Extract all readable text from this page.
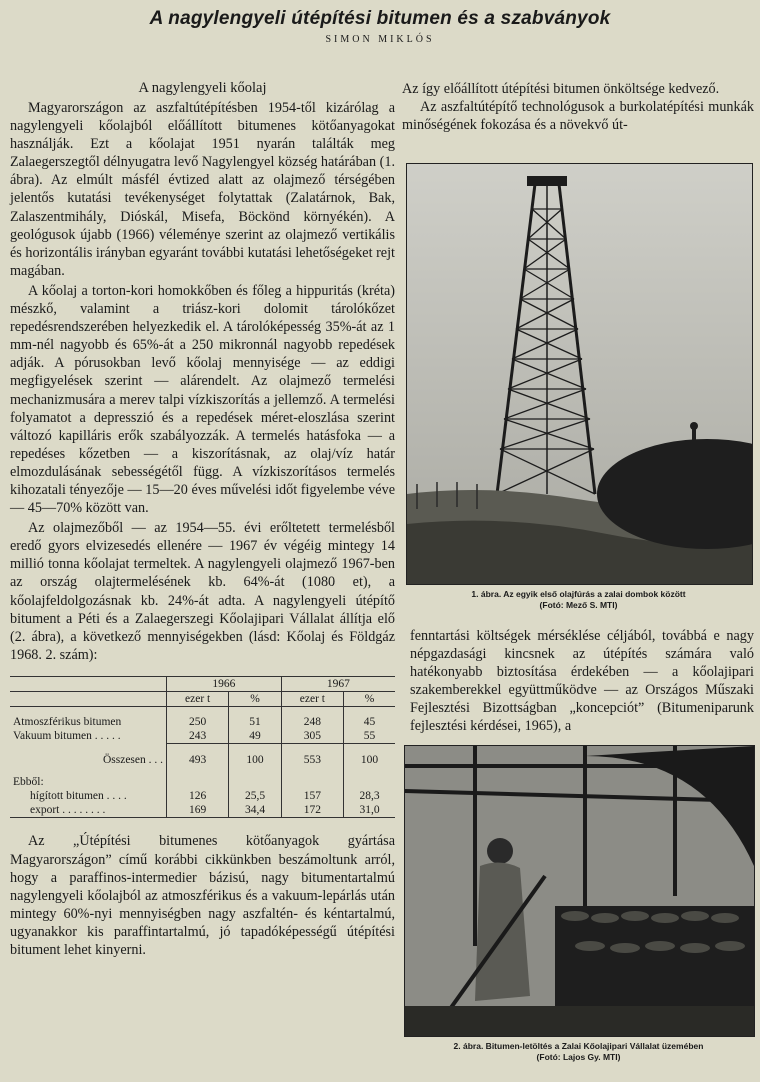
A nagylengyeli útépítési bitumen és a szabványok
SIMON MIKLÓS
A nagylengyeli kőolaj

Magyarországon az aszfaltútépítésben 1954-től kizárólag a nagylengyeli kőolajból előállított bitumenes kötőanyagokat használják. Ezt a kőolajat 1951 nyarán találták meg Zalaegerszegtől délnyugatra levő Nagylengyel község határában (1. ábra). Az elmúlt másfél évtized alatt az olajmező térségében jelentős kutatási tevékenységet folytattak (Zalatárnok, Bak, Zalaszentmihály, Dióskál, Misefa, Böckönd környékén). A geológusok újabb (1966) véleménye szerint az olajmező vertikális és horizontális irányban egyaránt további kutatási lehetőségeket rejt magában.

A kőolaj a torton-kori homokkőben és főleg a hippuritás (kréta) mészkő, valamint a triász-kori dolomit tárolókőzet repedésrendszerében helyezkedik el. A tárolóképesség 35%-át az 1 mm-nél nagyobb és 65%-át a 250 mikronnál nagyobb repedések adják. A pórusokban levő kőolaj mennyisége — az eddigi megfigyelések szerint — alárendelt. Az olajmező termelési mechanizmusára a merev talpi vízkiszorítás a jellemző. A termelési folyamatot a depresszió és a repedések méret-eloszlása szerint változó kapilláris erők szabályozzák. A termelés hatásfoka — a repedéses kőzetben — a kiszorításnak, az olaj/víz határ elmozdulásának sebességétől függ. A vízkiszorításos termelés kihozatali tényezője — 15—20 éves művelési időt figyelembe véve — 45—70% között van.

Az olajmezőből — az 1954—55. évi erőltetett termelésből eredő gyors elvizesedés ellenére — 1967 év végéig mintegy 14 millió tonna kőolajat termeltek. A nagylengyeli olajmező 1967-ben az ország olajtermelésének kb. 64%-át (1080 et), a kőolajfeldolgozásnak kb. 24%-át adta. A nagylengyeli útépítő bitument a Péti és a Zalaegerszegi Kőolajipari Vállalat állítja elő (2. ábra), a következő mennyiségekben (lásd: Kőolaj és Földgáz 1968. 2. szám):

	1966		1967	
	ezer t	%	ezer t	%

Atmoszférikus bitumen	250	51	248	45
Vakuum bitumen . . . . .	243	49	305	55

Összesen . . .	493	100	553	100

Ebből:				
hígított bitumen . . . .	126	25,5	157	28,3
export . . . . . . . .	169	34,4	172	31,0

Az „Útépítési bitumenes kötőanyagok gyártása Magyarországon” című korábbi cikkünkben beszámoltunk arról, hogy a paraffinos-intermedier bázisú, nagy bitumentartalmú nagylengyeli kőolajból az atmoszférikus és a vakuum-lepárlás után mintegy 60%-nyi mennyiségben nagy aszfaltén- és kéntartalmú, ugyanakkor kis paraffintartalmú, jó tapadóképességű útépítési bitument lehet kinyerni.

Az így előállított útépítési bitumen önköltsége kedvező.

Az aszfaltútépítő technológusok a burkolatépítési munkák minőségének fokozása és a növekvő út-

1. ábra. Az egyik első olajfúrás a zalai dombok között
(Fotó: Mező S. MTI)

fenntartási költségek mérséklése céljából, továbbá e nagy népgazdasági kincsnek az útépítés számára való hatékonyabb biztosítása érdekében — a kőolajipari szakemberekkel együttműködve — az Országos Műszaki Fejlesztési Bizottságban „koncepciót” (Bitumeniparunk fejlesztési kérdései, 1965), a

2. ábra. Bitumen-letöltés a Zalai Kőolajipari Vállalat üzemében
(Fotó: Lajos Gy. MTI)
